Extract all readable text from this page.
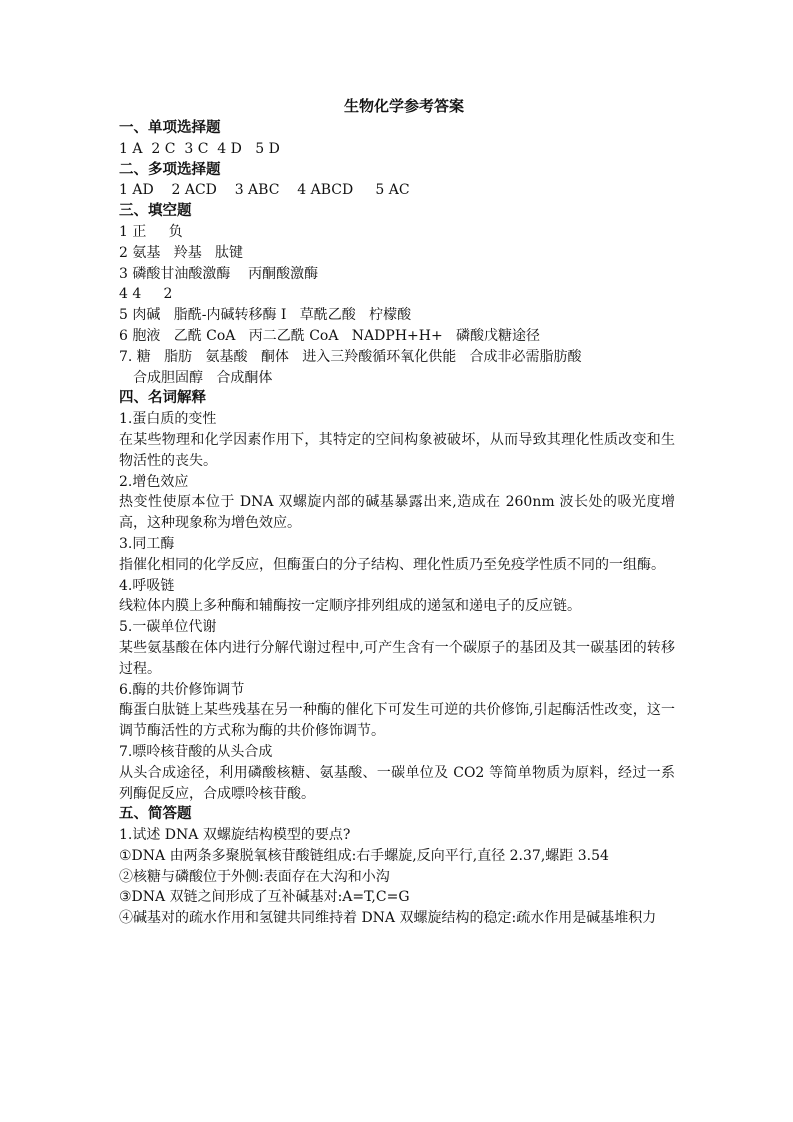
生物化学参考答案
一、单项选择题
1 A  2 C  3 C  4 D   5 D
二、多项选择题
1 AD    2 ACD    3 ABC    4 ABCD     5 AC
三、填空题
1 正     负
2 氨基   羚基   肽键
3 磷酸甘油酸激酶    丙酮酸激酶
4 4     2
5 肉碱   脂酰-内碱转移酶 I   草酰乙酸   柠檬酸
6 胞液   乙酰 CoA   丙二乙酰 CoA   NADPH+H+   磷酸戊糖途径
7. 糖   脂肪   氨基酸   酮体   进入三羚酸循环氧化供能   合成非必需脂肪酸
合成胆固醇   合成酮体
四、名词解释
1.蛋白质的变性
在某些物理和化学因素作用下，其特定的空间构象被破坏，从而导致其理化性质改变和生物活性的丧失。
2.增色效应
热变性使原本位于 DNA 双螺旋内部的碱基暴露出来,造成在 260nm 波长处的吸光度增高，这种现象称为增色效应。
3.同工酶
指催化相同的化学反应，但酶蛋白的分子结构、理化性质乃至免疫学性质不同的一组酶。
4.呼吸链
线粒体内膜上多种酶和辅酶按一定顺序排列组成的递氢和递电子的反应链。
5.一碳单位代谢
某些氨基酸在体内进行分解代谢过程中,可产生含有一个碳原子的基团及其一碳基团的转移过程。
6.酶的共价修饰调节
酶蛋白肽链上某些残基在另一种酶的催化下可发生可逆的共价修饰,引起酶活性改变，这一调节酶活性的方式称为酶的共价修饰调节。
7.嘌呤核苷酸的从头合成
从头合成途径，利用磷酸核糖、氨基酸、一碳单位及 CO2 等简单物质为原料，经过一系列酶促反应，合成嘌呤核苷酸。
五、简答题
1.试述 DNA 双螺旋结构模型的要点?
①DNA 由两条多聚脱氧核苷酸链组成:右手螺旋,反向平行,直径 2.37,螺距 3.54
②核糖与磷酸位于外侧:表面存在大沟和小沟
③DNA 双链之间形成了互补碱基对:A=T,C=G
④碱基对的疏水作用和氢键共同维持着 DNA 双螺旋结构的稳定:疏水作用是碱基堆积力
